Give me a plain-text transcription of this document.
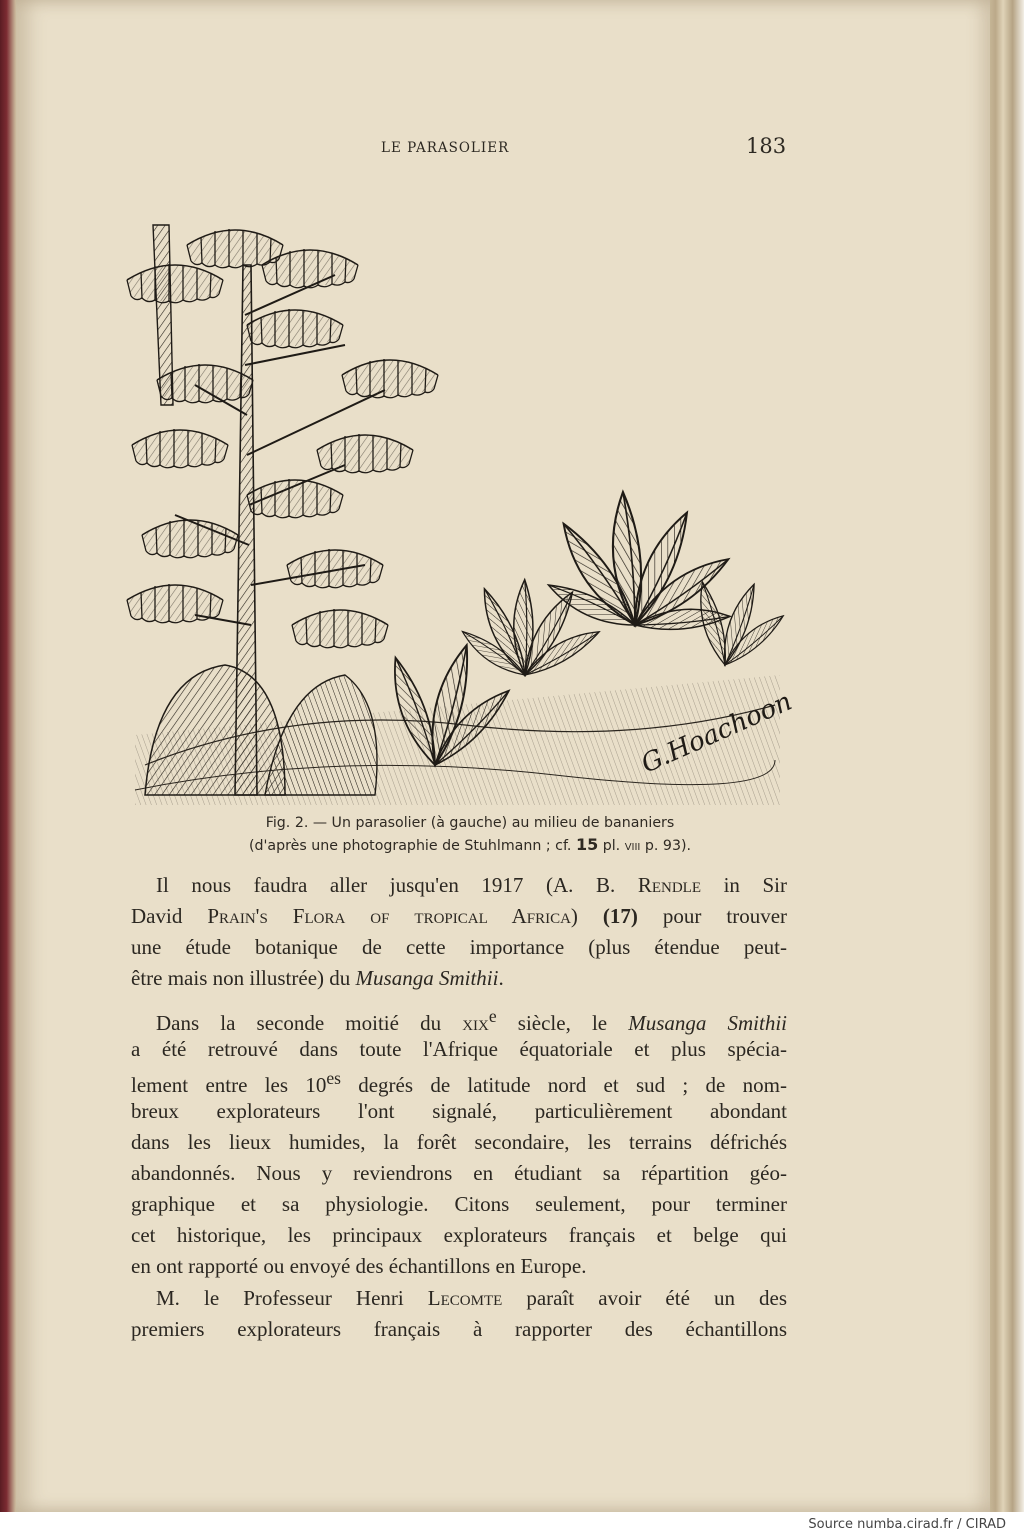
LE PARASOLIER	183
G.Hoachoon
Fig. 2. — Un parasolier (à gauche) au milieu de bananiers
(d'après une photographie de Stuhlmann ; cf. 15 pl. viii p. 93).
Il nous faudra aller jusqu'en 1917 (A. B. Rendle in Sir
David Prain's Flora of tropical Africa) (17) pour trouver
une étude botanique de cette importance (plus étendue peut-
être mais non illustrée) du Musanga Smithii.
Dans la seconde moitié du xix$^e$ siècle, le Musanga Smithii
a été retrouvé dans toute l'Afrique équatoriale et plus spécia-
lement entre les $10^{es}$ degrés de latitude nord et sud ; de nom-
breux explorateurs l'ont signalé, particulièrement abondant
dans les lieux humides, la forêt secondaire, les terrains défrichés
abandonnés. Nous y reviendrons en étudiant sa répartition géo-
graphique et sa physiologie. Citons seulement, pour terminer
cet historique, les principaux explorateurs français et belge qui
en ont rapporté ou envoyé des échantillons en Europe.
M. le Professeur Henri Lecomte paraît avoir été un des
premiers explorateurs français à rapporter des échantillons
Source numba.cirad.fr / CIRAD
